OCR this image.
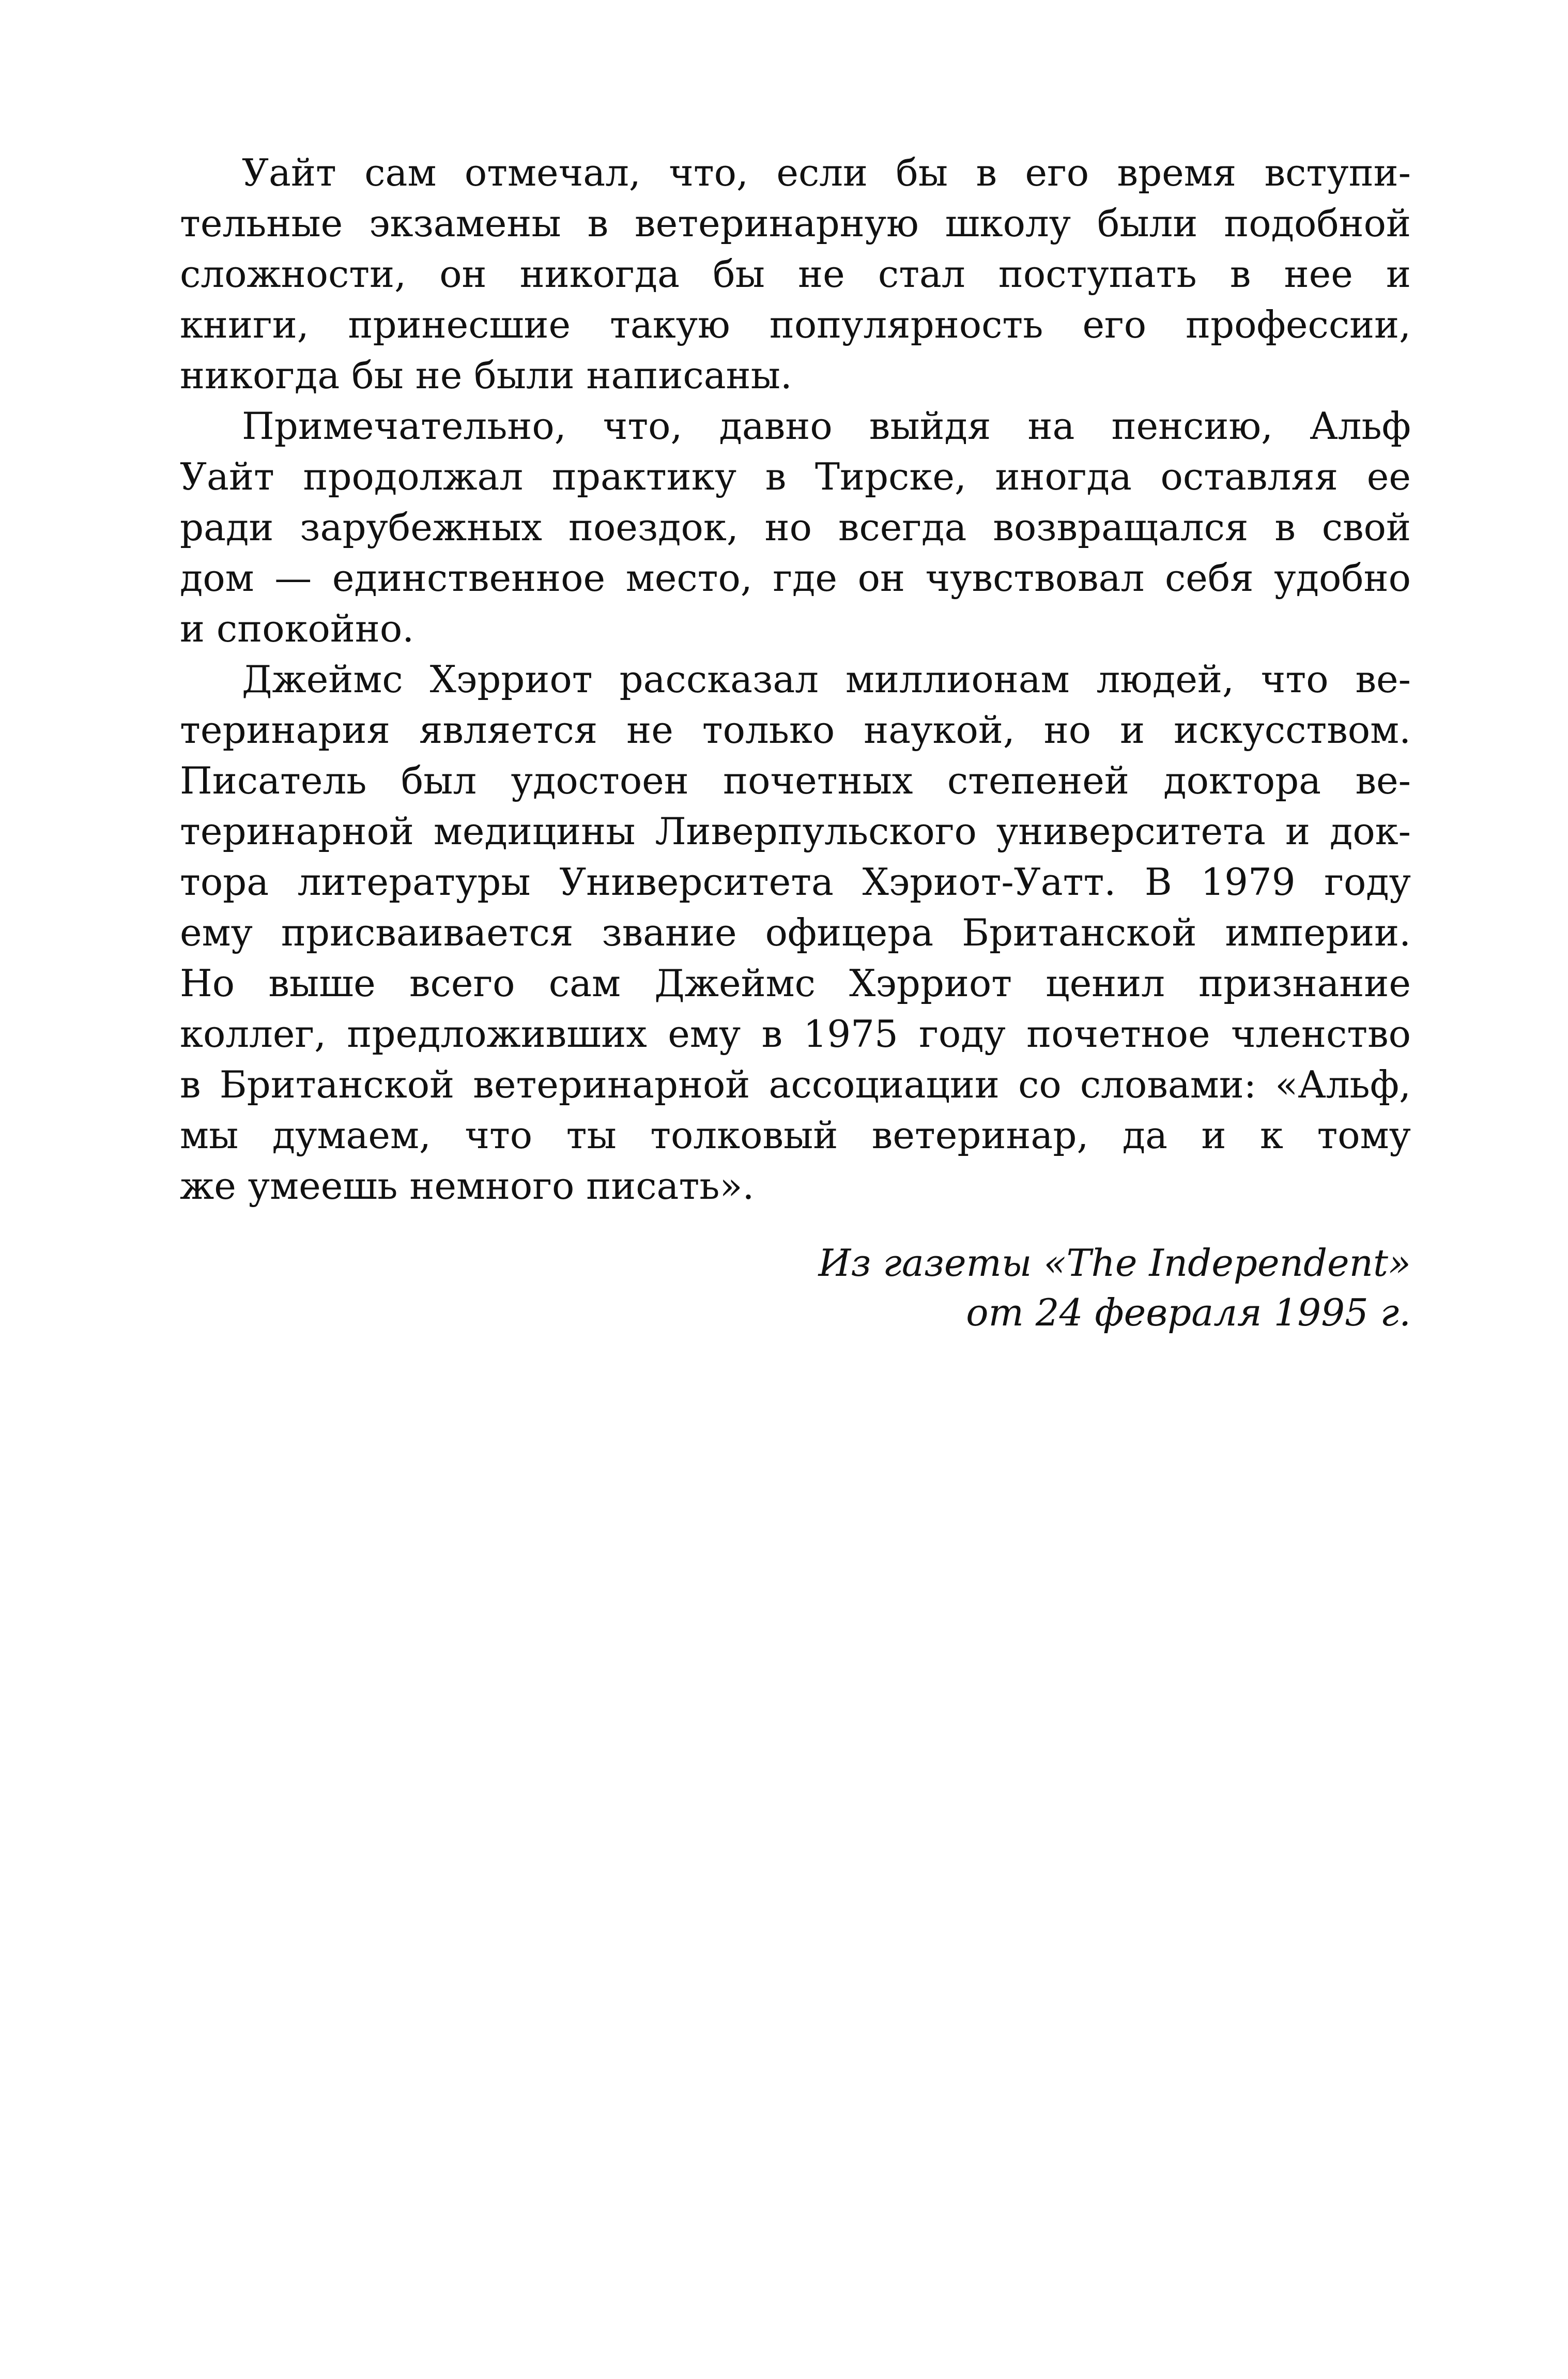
Уайт сам отмечал, что, если бы в его время вступи-
тельные экзамены в ветеринарную школу были подобной
сложности, он никогда бы не стал поступать в нее и
книги, принесшие такую популярность его профессии,
никогда бы не были написаны.
Примечательно, что, давно выйдя на пенсию, Альф
Уайт продолжал практику в Тирске, иногда оставляя ее
ради зарубежных поездок, но всегда возвращался в свой
дом — единственное место, где он чувствовал себя удобно
и спокойно.
Джеймс Хэрриот рассказал миллионам людей, что ве-
теринария является не только наукой, но и искусством.
Писатель был удостоен почетных степеней доктора ве-
теринарной медицины Ливерпульского университета и док-
тора литературы Университета Хэриот-Уатт. В 1979 году
ему присваивается звание офицера Британской империи.
Но выше всего сам Джеймс Хэрриот ценил признание
коллег, предложивших ему в 1975 году почетное членство
в Британской ветеринарной ассоциации со словами: «Альф,
мы думаем, что ты толковый ветеринар, да и к тому
же умеешь немного писать».
Из газеты «The Independent»
от 24 февраля 1995 г.
